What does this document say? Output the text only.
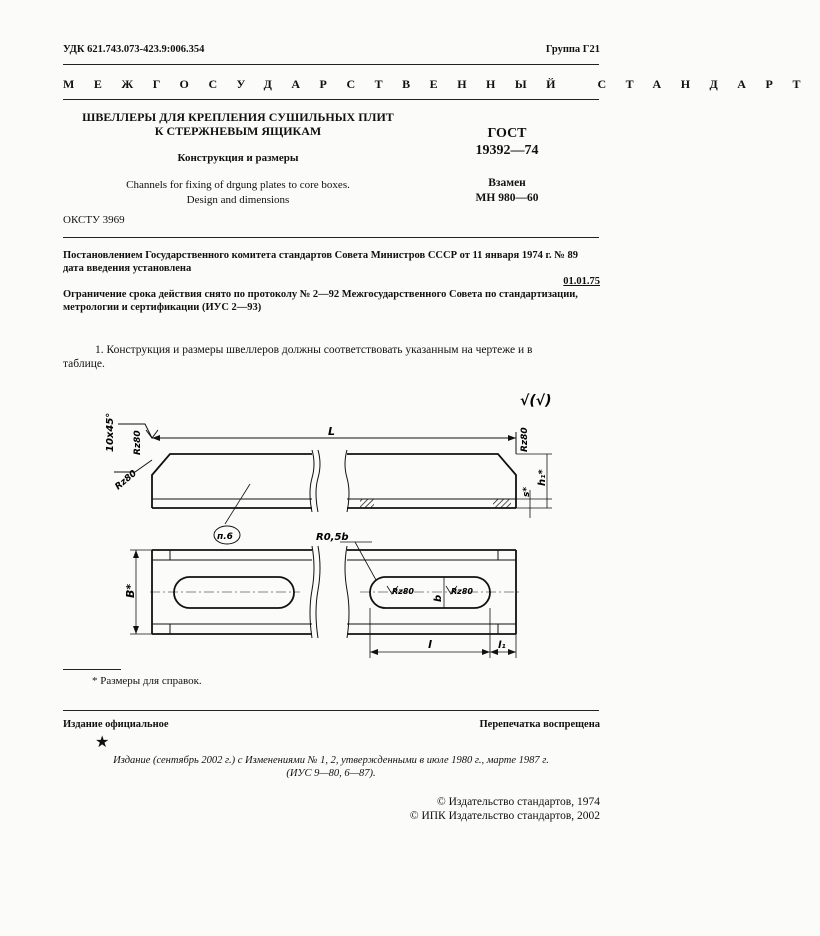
УДК 621.743.073-423.9:006.354	Группа Г21
МЕЖГОСУДАРСТВЕННЫЙ СТАНДАРТ
ШВЕЛЛЕРЫ ДЛЯ КРЕПЛЕНИЯ СУШИЛЬНЫХ ПЛИТ
К СТЕРЖНЕВЫМ ЯЩИКАМ
Конструкция и размеры
Channels for fixing of drgung plates to core boxes.
Design and dimensions
ГОСТ
19392—74
Взамен
МН 980—60
ОКСТУ 3969
Постановлением Государственного комитета стандартов Совета Министров СССР от 11 января 1974 г. № 89
дата введения установлена
01.01.75
Ограничение срока действия снято по протоколу № 2—92 Межгосударственного Совета по стандартизации,
метрологии и сертификации (ИУС 2—93)
1. Конструкция и размеры швеллеров должны соответствовать указанным на чертеже и в
таблице.
√(√)
10х45° Rz80
Rz80
Rz80
L
s*
h₁*
п.6
B*
R0,5b
Rz80	Rz80
b
l	l₁
* Размеры для справок.
Издание официальное	Перепечатка воспрещена
★
Издание (сентябрь 2002 г.) с Изменениями № 1, 2, утвержденными в июле 1980 г., марте 1987 г.
(ИУС 9—80, 6—87).
© Издательство стандартов, 1974
© ИПК Издательство стандартов, 2002
